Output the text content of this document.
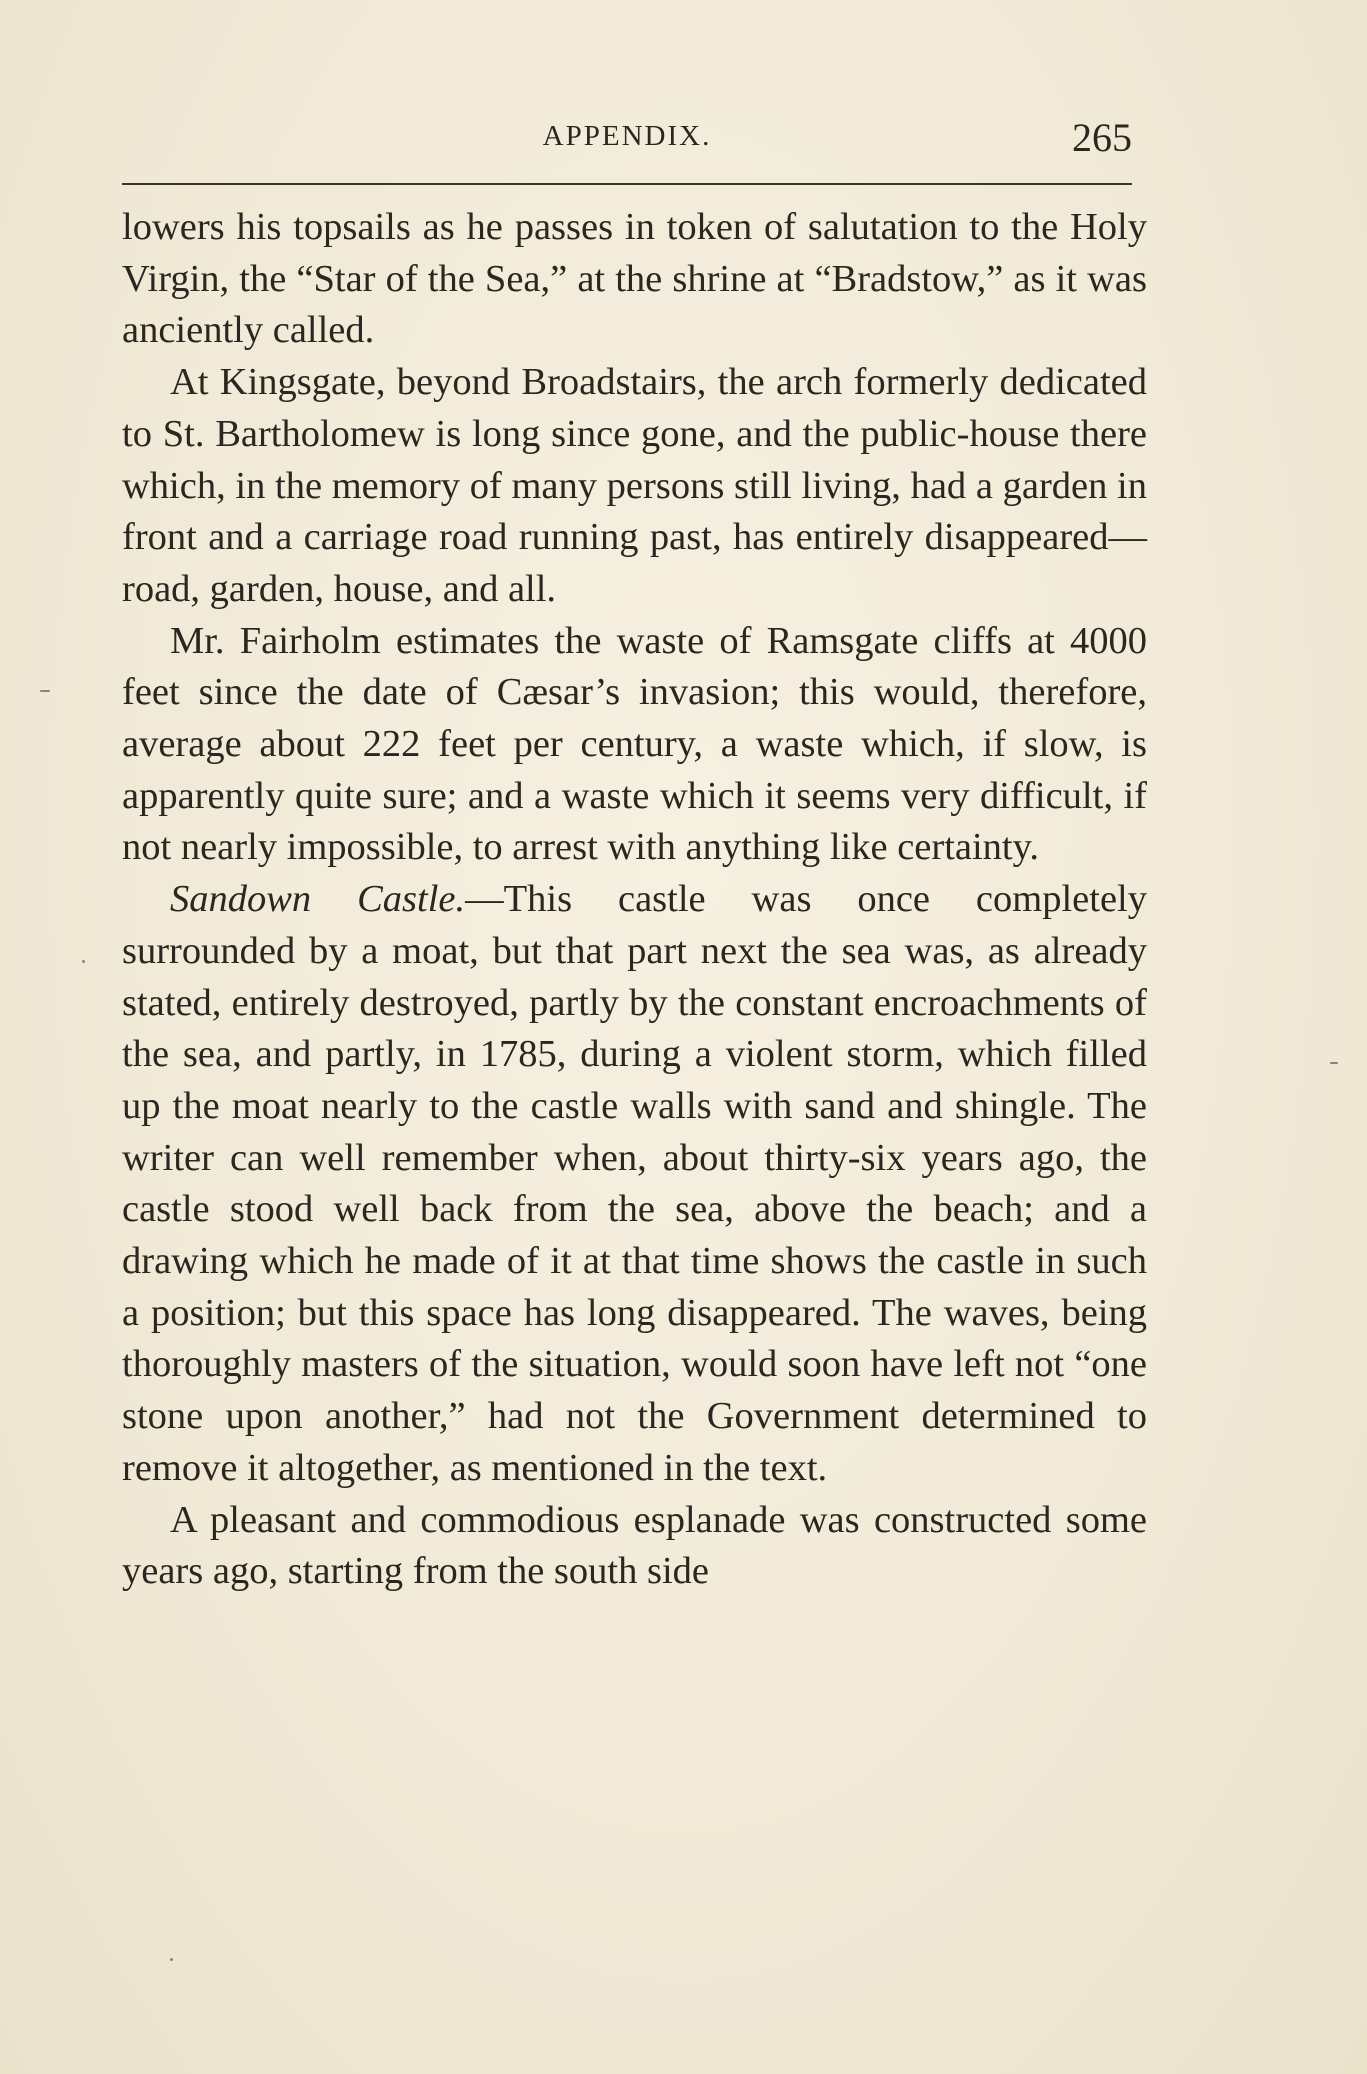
APPENDIX.	265

lowers his topsails as he passes in token of salutation to the Holy Virgin, the “Star of the Sea,” at the shrine at “Bradstow,” as it was anciently called.

At Kingsgate, beyond Broadstairs, the arch formerly dedicated to St. Bartholomew is long since gone, and the public-house there which, in the memory of many persons still living, had a garden in front and a carriage road running past, has entirely disappeared—road, garden, house, and all.

Mr. Fairholm estimates the waste of Ramsgate cliffs at 4000 feet since the date of Cæsar’s invasion; this would, therefore, average about 222 feet per century, a waste which, if slow, is apparently quite sure; and a waste which it seems very difficult, if not nearly impossible, to arrest with anything like certainty.

Sandown Castle.—This castle was once completely surrounded by a moat, but that part next the sea was, as already stated, entirely destroyed, partly by the constant encroachments of the sea, and partly, in 1785, during a violent storm, which filled up the moat nearly to the castle walls with sand and shingle. The writer can well remember when, about thirty-six years ago, the castle stood well back from the sea, above the beach; and a drawing which he made of it at that time shows the castle in such a position; but this space has long disappeared. The waves, being thoroughly masters of the situation, would soon have left not “one stone upon another,” had not the Government determined to remove it altogether, as mentioned in the text.

A pleasant and commodious esplanade was constructed some years ago, starting from the south side
